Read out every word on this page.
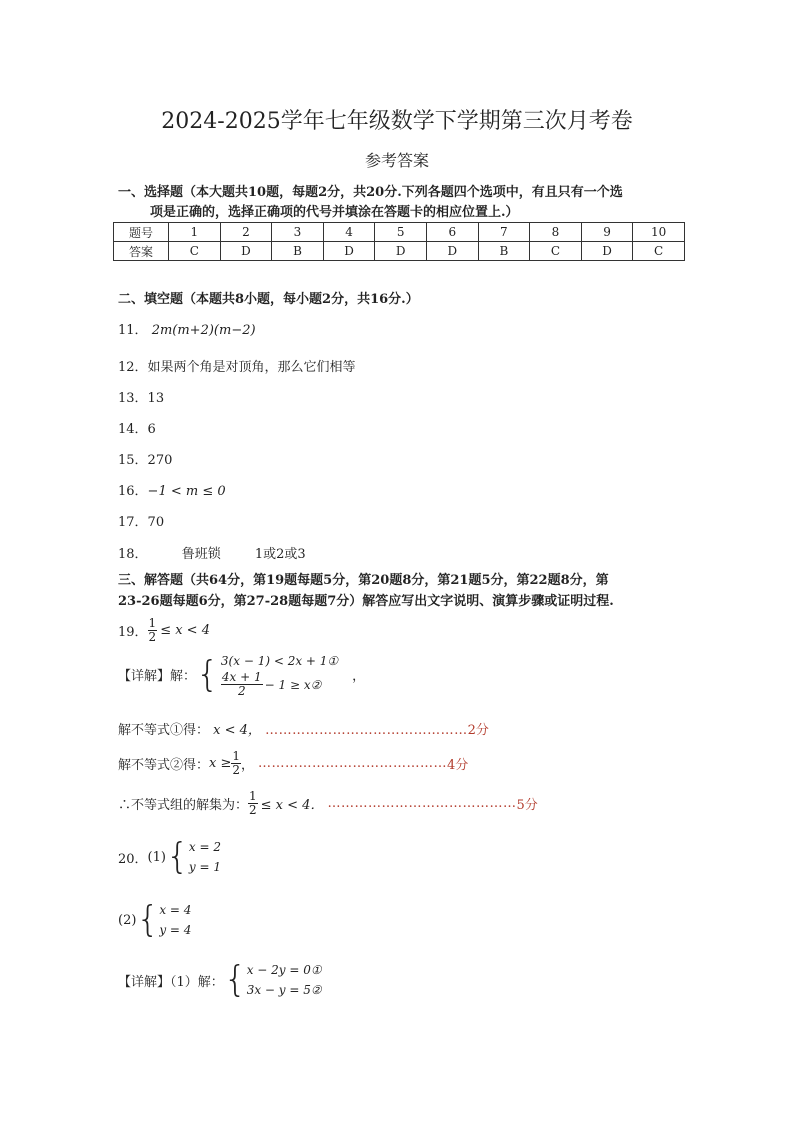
2024-2025学年七年级数学下学期第三次月考卷
参考答案
一、选择题（本大题共10题，每题2分，共20分.下列各题四个选项中，有且只有一个选
项是正确的，选择正确项的代号并填涂在答题卡的相应位置上.）
题号	1	2	3	4	5	6	7	8	9	10
答案	C	D	B	D	D	D	B	C	D	C
二、填空题（本题共8小题，每小题2分，共16分.）
11． 2m(m+2)(m−2)
12．如果两个角是对顶角，那么它们相等
13．13
14．6
15．270
16．−1 < m ≤ 0
17．70
18．	鲁班锁	1或2或3
三、解答题（共64分，第19题每题5分，第20题8分，第21题5分，第22题8分，第
23-26题每题6分，第27-28题每题7分）解答应写出文字说明、演算步骤或证明过程.
19． $\frac{1}{2} \le x < 4$
【详解】解： { 3(x − 1) < 2x + 1①
$\frac{4x + 1}{2} - 1$ ≥ x②
，
解不等式①得： x < 4， ………………………………………2分
解不等式②得： $x \ge \frac{1}{2}$ ， …………………………………… 4分
∴不等式组的解集为： $\frac{1}{2} \le x < 4$． …………………………………… 5分
20． (1) { x = 2
y = 1
(2) { x = 4
y = 4
【详解】（1）解： { x − 2y = 0①
3x − y = 5②
